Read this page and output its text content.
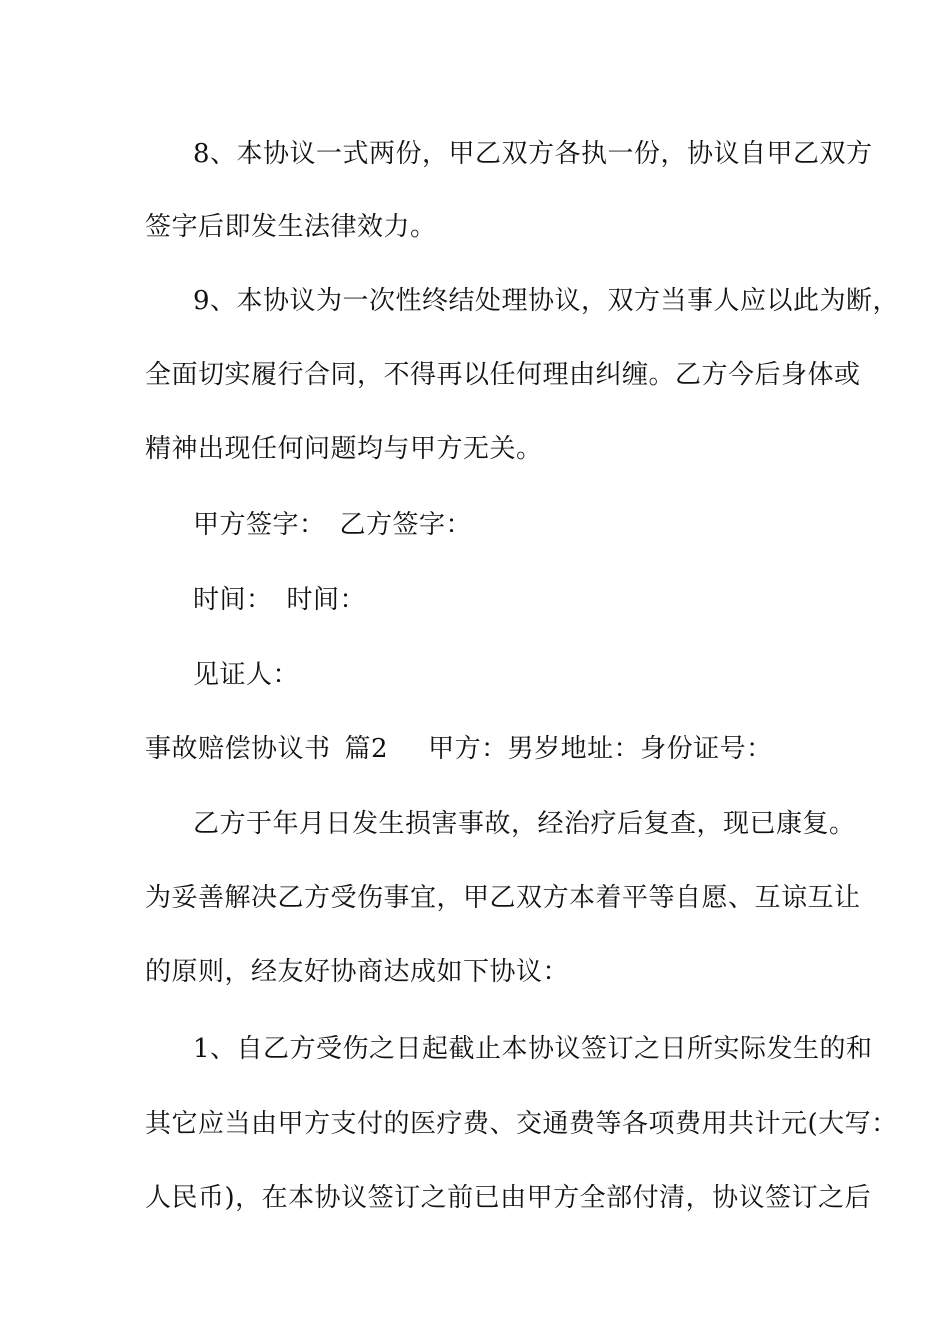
8、本协议一式两份，甲乙双方各执一份，协议自甲乙双方
签字后即发生法律效力。
9、本协议为一次性终结处理协议，双方当事人应以此为断，
全面切实履行合同，不得再以任何理由纠缠。乙方今后身体或
精神出现任何问题均与甲方无关。
甲方签字： 乙方签字：
时间： 时间：
见证人：
事故赔偿协议书 篇2 甲方：男岁地址：身份证号：
乙方于年月日发生损害事故，经治疗后复查，现已康复。
为妥善解决乙方受伤事宜，甲乙双方本着平等自愿、互谅互让
的原则，经友好协商达成如下协议：
1、自乙方受伤之日起截止本协议签订之日所实际发生的和
其它应当由甲方支付的医疗费、交通费等各项费用共计元(大写：
人民币)，在本协议签订之前已由甲方全部付清，协议签订之后
